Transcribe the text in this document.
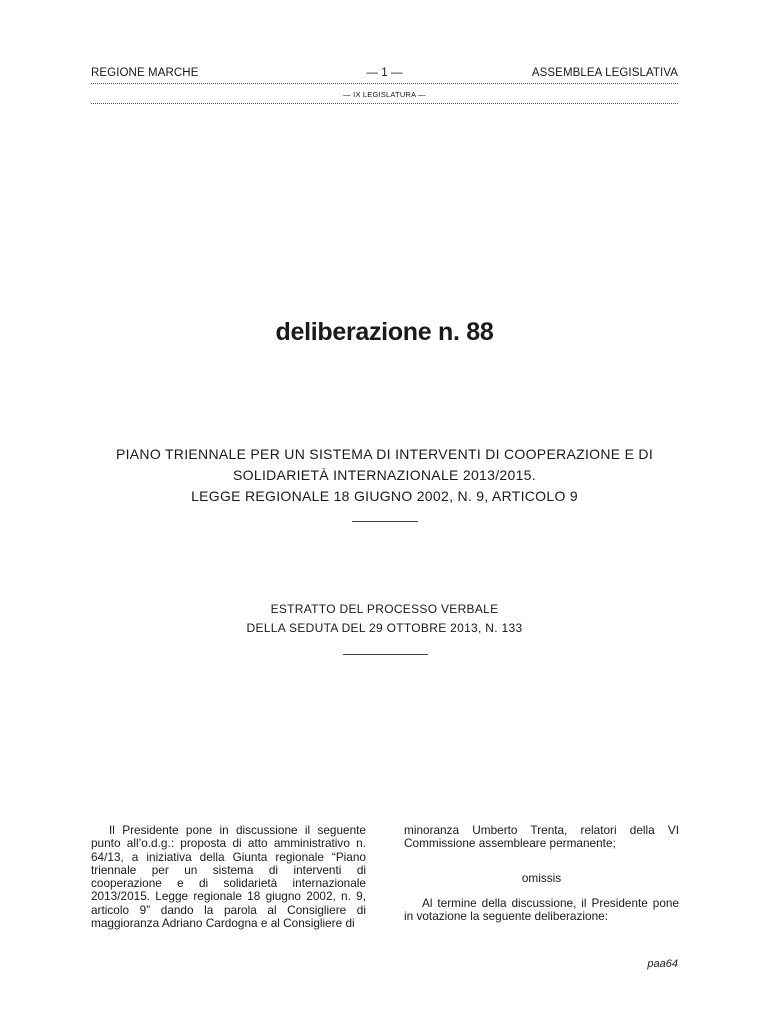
REGIONE MARCHE	— 1 —	ASSEMBLEA LEGISLATIVA
— IX LEGISLATURA —
deliberazione n. 88
PIANO TRIENNALE PER UN SISTEMA DI INTERVENTI DI COOPERAZIONE E DI
SOLIDARIETÀ INTERNAZIONALE 2013/2015.
LEGGE REGIONALE 18 GIUGNO 2002, N. 9, ARTICOLO 9
ESTRATTO DEL PROCESSO VERBALE
DELLA SEDUTA DEL 29 OTTOBRE 2013, N. 133

Il Presidente pone in discussione il seguente punto all’o.d.g.: proposta di atto amministrativo n. 64/13, a iniziativa della Giunta regionale “Piano triennale per un sistema di interventi di cooperazione e di solidarietà internazionale 2013/2015. Legge regionale 18 giugno 2002, n. 9, articolo 9” dando la parola al Consigliere di maggioranza Adriano Cardogna e al Consigliere di

minoranza Umberto Trenta, relatori della VI Commissione assembleare permanente;

omissis

Al termine della discussione, il Presidente pone in votazione la seguente deliberazione:

paa64
